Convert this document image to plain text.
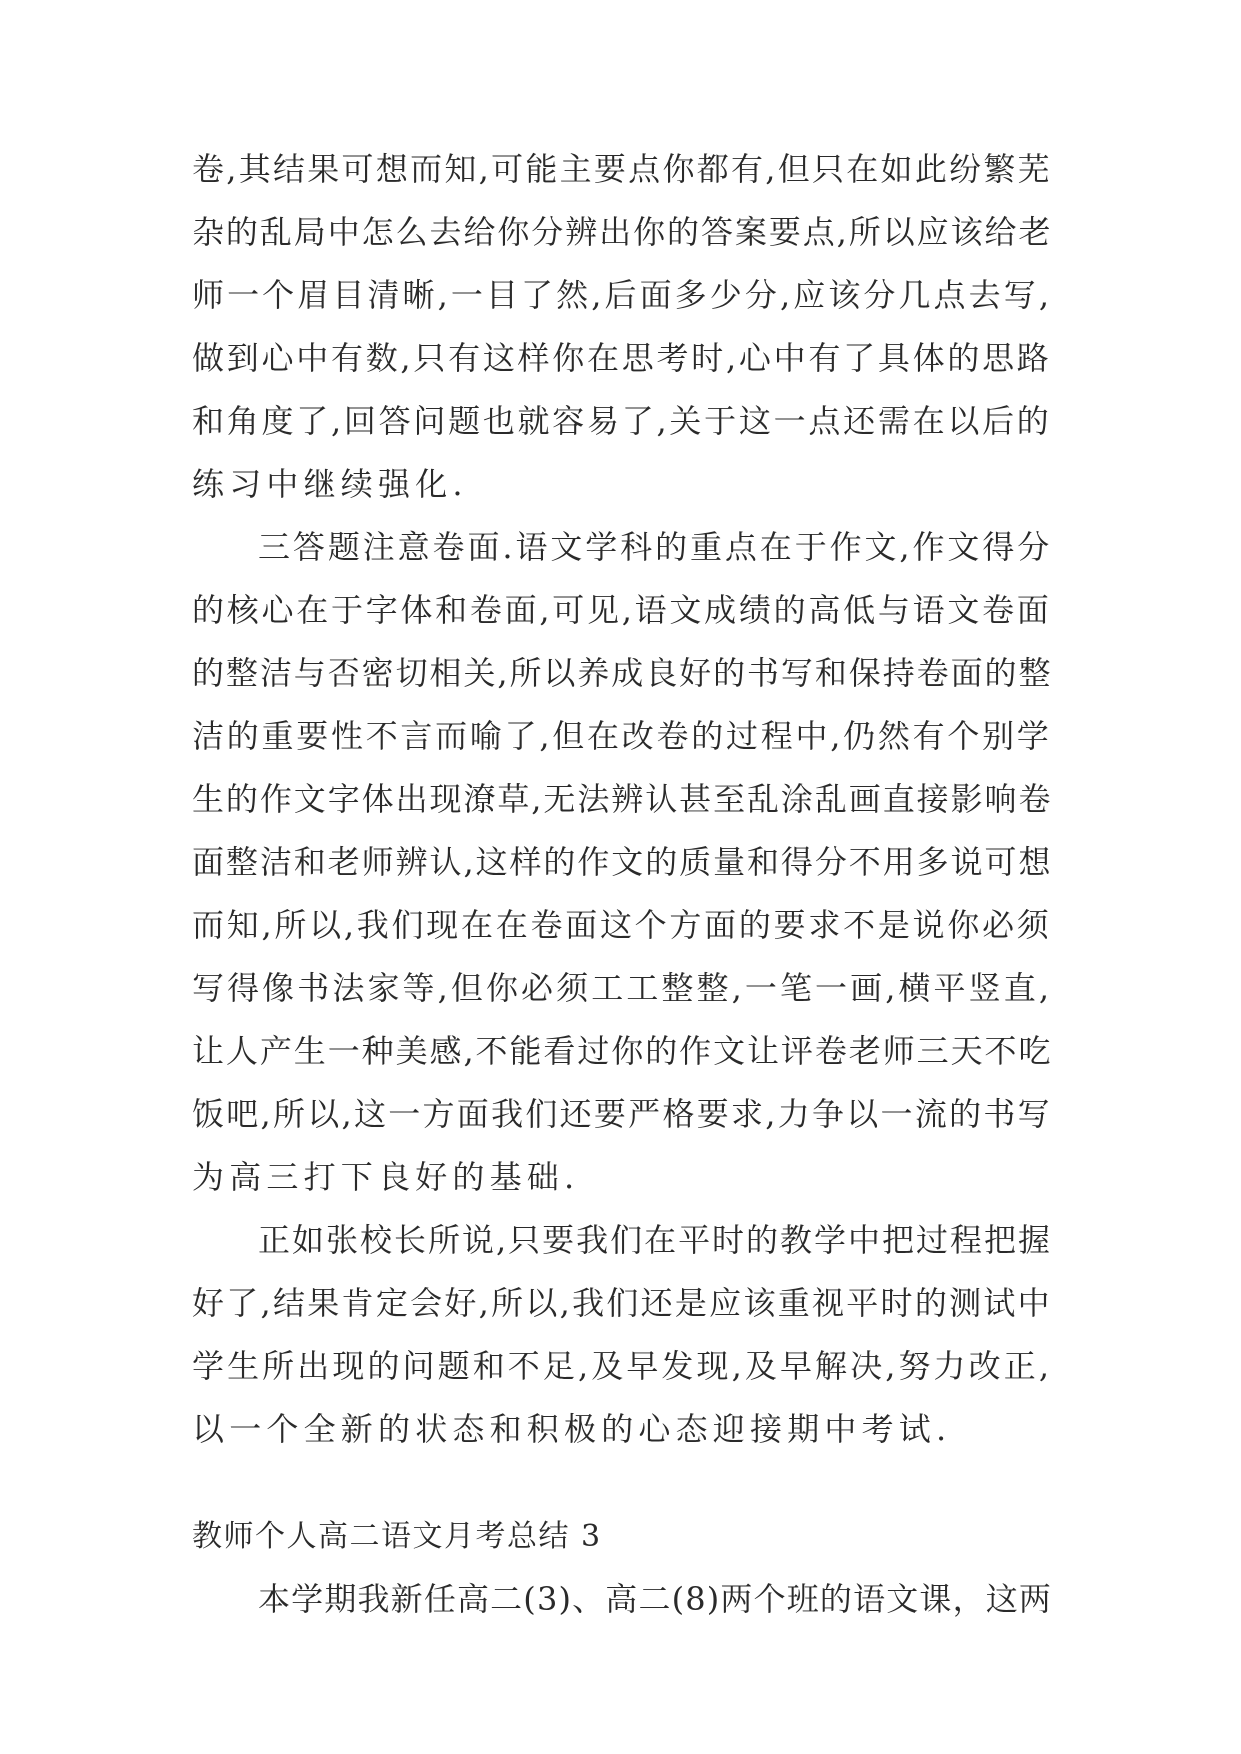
卷,其结果可想而知,可能主要点你都有,但只在如此纷繁芜
杂的乱局中怎么去给你分辨出你的答案要点,所以应该给老
师一个眉目清晰,一目了然,后面多少分,应该分几点去写,
做到心中有数,只有这样你在思考时,心中有了具体的思路
和角度了,回答问题也就容易了,关于这一点还需在以后的
练习中继续强化.
三答题注意卷面.语文学科的重点在于作文,作文得分
的核心在于字体和卷面,可见,语文成绩的高低与语文卷面
的整洁与否密切相关,所以养成良好的书写和保持卷面的整
洁的重要性不言而喻了,但在改卷的过程中,仍然有个别学
生的作文字体出现潦草,无法辨认甚至乱涂乱画直接影响卷
面整洁和老师辨认,这样的作文的质量和得分不用多说可想
而知,所以,我们现在在卷面这个方面的要求不是说你必须
写得像书法家等,但你必须工工整整,一笔一画,横平竖直,
让人产生一种美感,不能看过你的作文让评卷老师三天不吃
饭吧,所以,这一方面我们还要严格要求,力争以一流的书写
为高三打下良好的基础.
正如张校长所说,只要我们在平时的教学中把过程把握
好了,结果肯定会好,所以,我们还是应该重视平时的测试中
学生所出现的问题和不足,及早发现,及早解决,努力改正,
以一个全新的状态和积极的心态迎接期中考试.
教师个人高二语文月考总结 3
本学期我新任高二(3)、高二(8)两个班的语文课，这两
